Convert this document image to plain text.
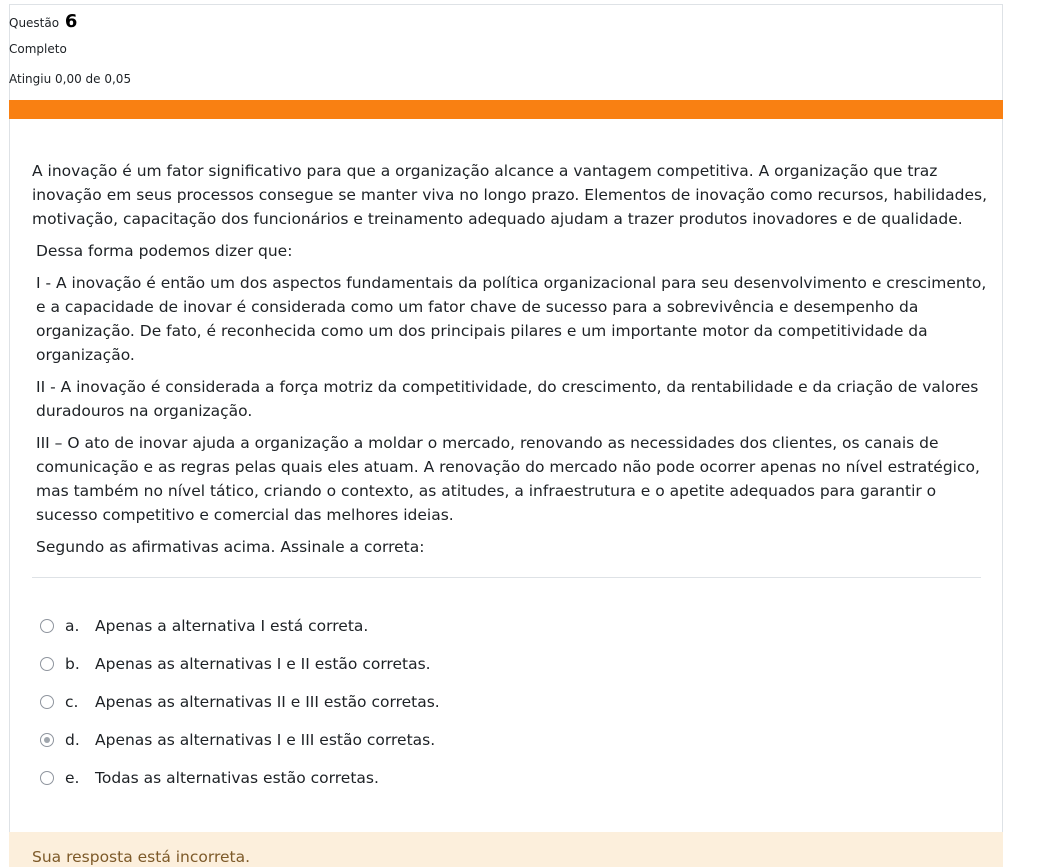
Questão 6
Completo
Atingiu 0,00 de 0,05

A inovação é um fator significativo para que a organização alcance a vantagem competitiva. A organização que traz inovação em seus processos consegue se manter viva no longo prazo. Elementos de inovação como recursos, habilidades, motivação, capacitação dos funcionários e treinamento adequado ajudam a trazer produtos inovadores e de qualidade.

Dessa forma podemos dizer que:

I - A inovação é então um dos aspectos fundamentais da política organizacional para seu desenvolvimento e crescimento, e a capacidade de inovar é considerada como um fator chave de sucesso para a sobrevivência e desempenho da organização. De fato, é reconhecida como um dos principais pilares e um importante motor da competitividade da organização.

II - A inovação é considerada a força motriz da competitividade, do crescimento, da rentabilidade e da criação de valores duradouros na organização.

III – O ato de inovar ajuda a organização a moldar o mercado, renovando as necessidades dos clientes, os canais de comunicação e as regras pelas quais eles atuam. A renovação do mercado não pode ocorrer apenas no nível estratégico, mas também no nível tático, criando o contexto, as atitudes, a infraestrutura e o apetite adequados para garantir o sucesso competitivo e comercial das melhores ideias.

Segundo as afirmativas acima. Assinale a correta:

a.	Apenas a alternativa I está correta.
b. Apenas as alternativas I e II estão corretas.
c.	Apenas as alternativas II e III estão corretas.
d. Apenas as alternativas I e III estão corretas.
e.	Todas as alternativas estão corretas.
Sua resposta está incorreta.
